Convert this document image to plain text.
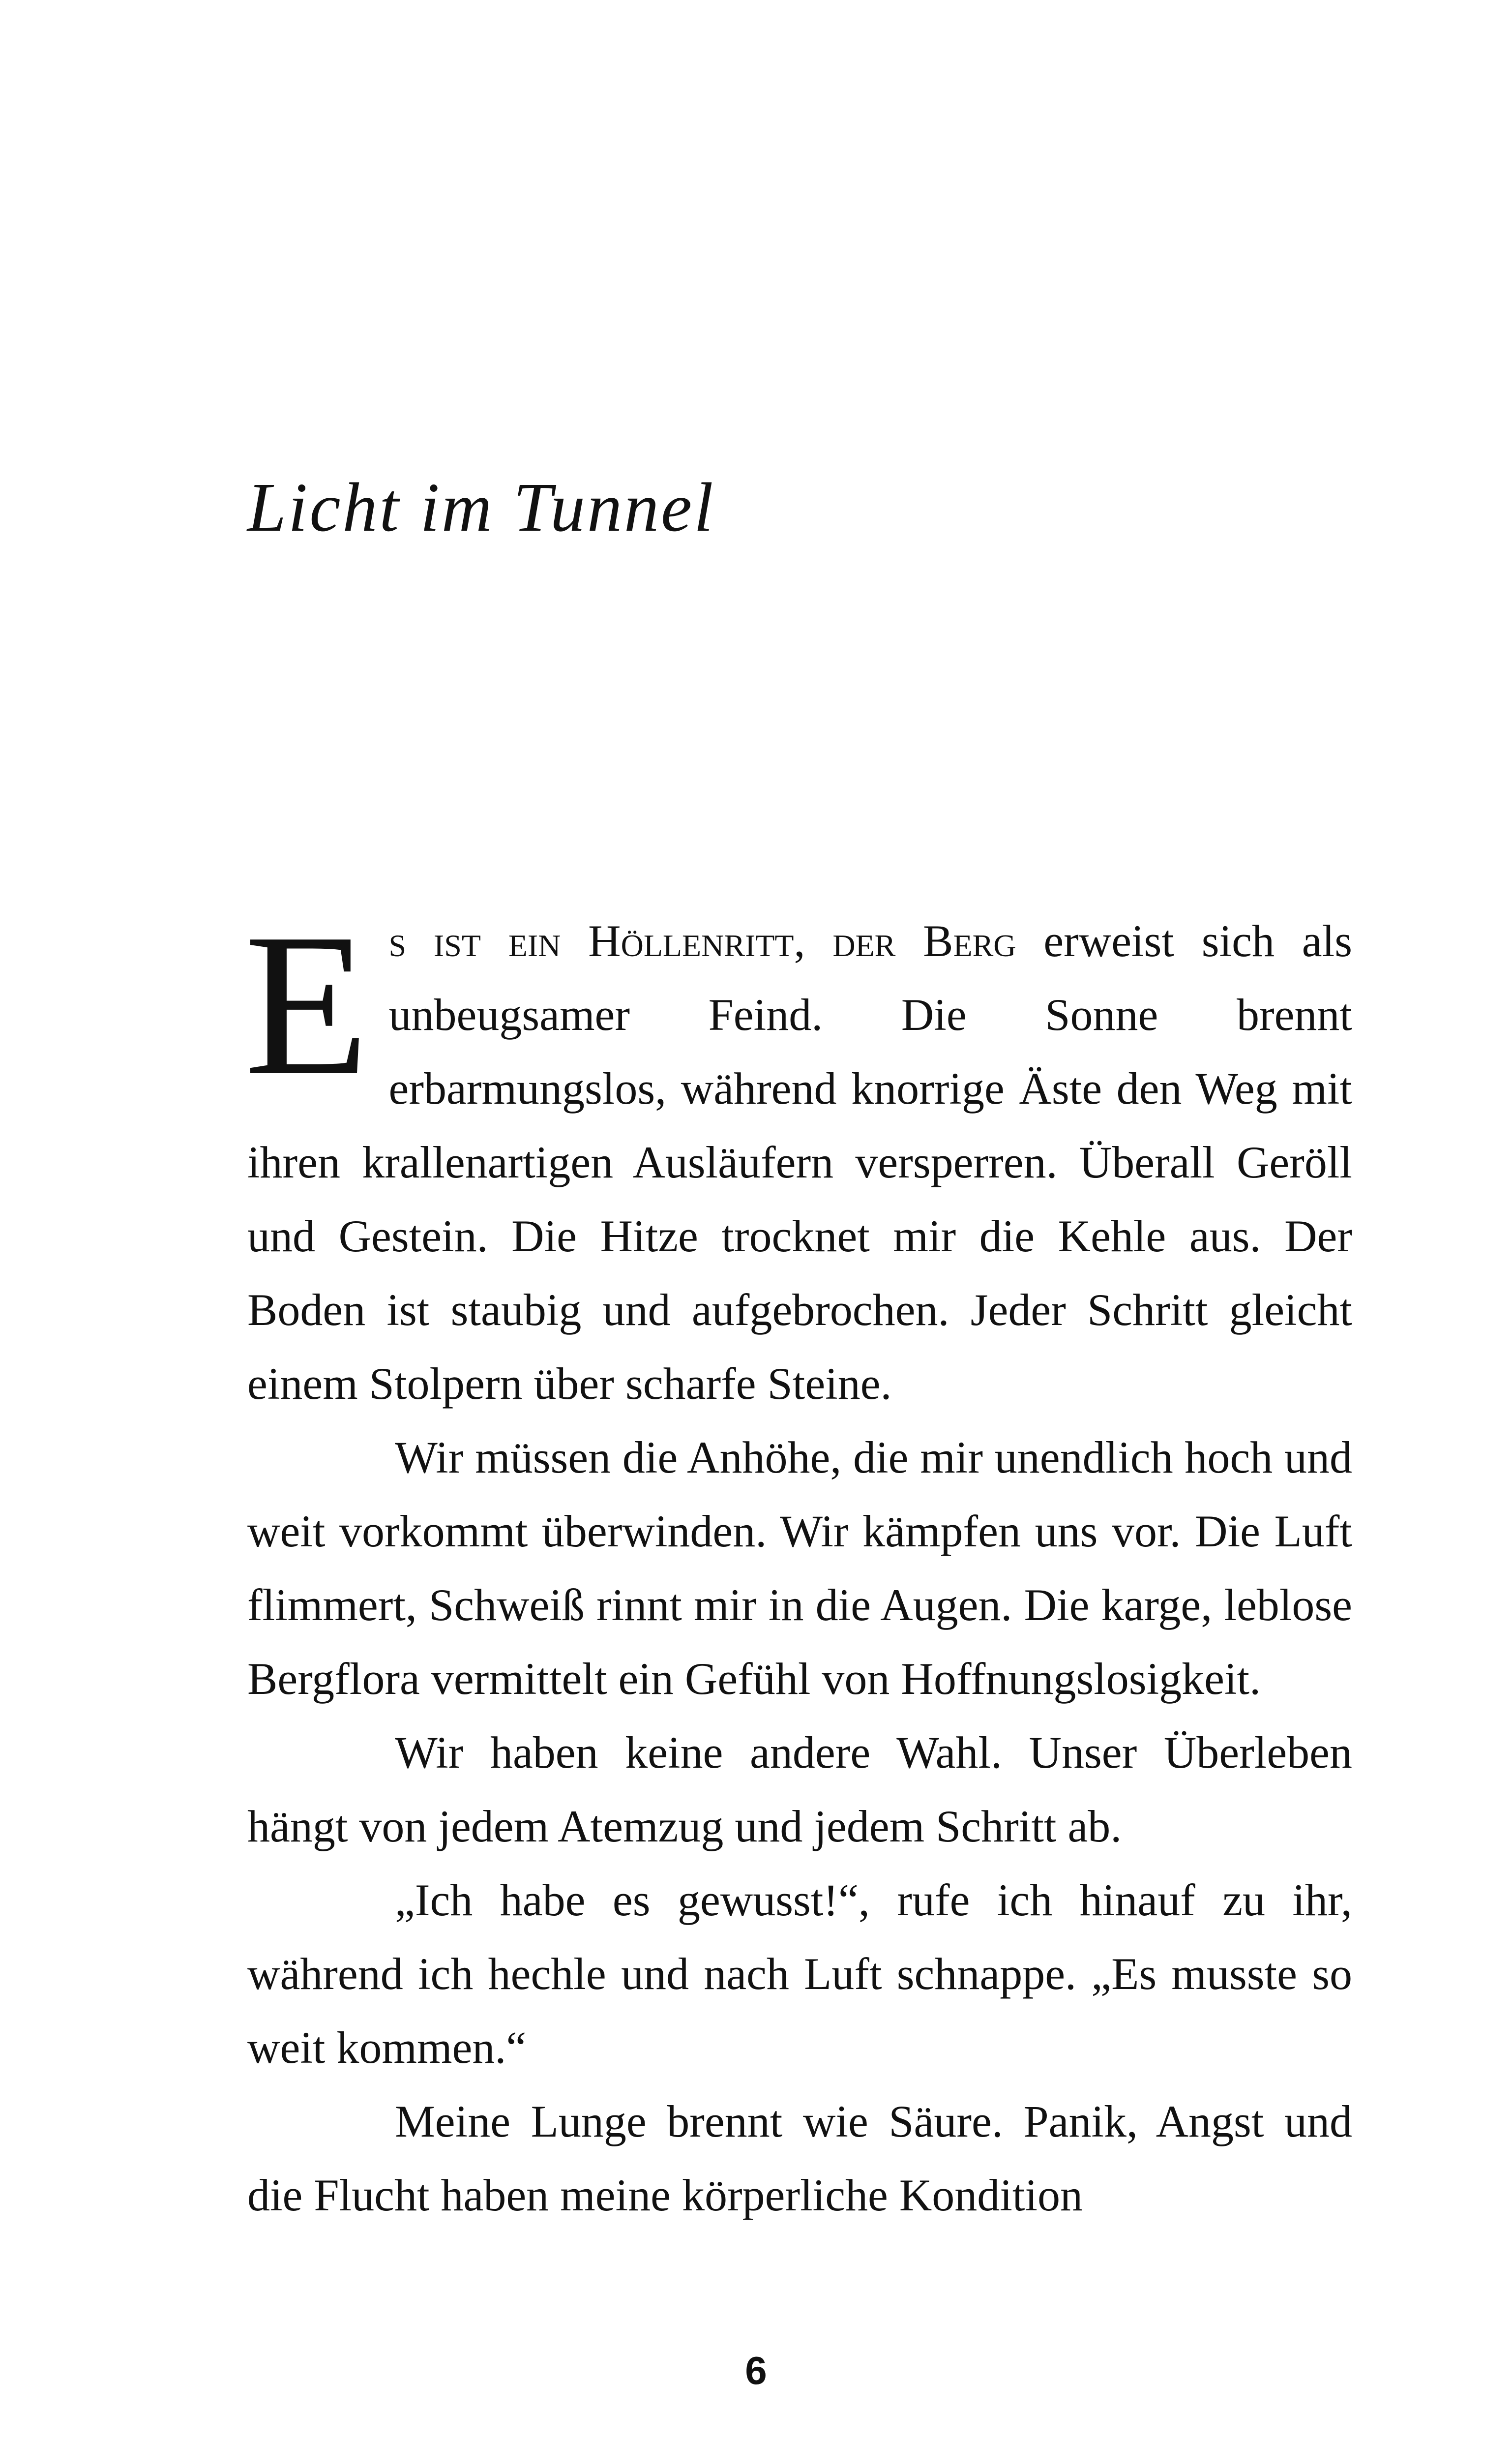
Licht im Tunnel

Es ist ein Höllenritt, der Berg erweist sich als unbeugsamer Feind. Die Sonne brennt erbarmungslos, während knorrige Äste den Weg mit ihren krallenartigen Ausläufern versperren. Überall Geröll und Gestein. Die Hitze trocknet mir die Kehle aus. Der Boden ist staubig und aufgebrochen. Jeder Schritt gleicht einem Stolpern über scharfe Steine.

Wir müssen die Anhöhe, die mir unendlich hoch und weit vorkommt überwinden. Wir kämpfen uns vor. Die Luft flimmert, Schweiß rinnt mir in die Augen. Die karge, leblose Bergflora vermittelt ein Gefühl von Hoffnungslosigkeit.

Wir haben keine andere Wahl. Unser Überleben hängt von jedem Atemzug und jedem Schritt ab.

„Ich habe es gewusst!“, rufe ich hinauf zu ihr, während ich hechle und nach Luft schnappe. „Es musste so weit kommen.“

Meine Lunge brennt wie Säure. Panik, Angst und die Flucht haben meine körperliche Kondition

6
